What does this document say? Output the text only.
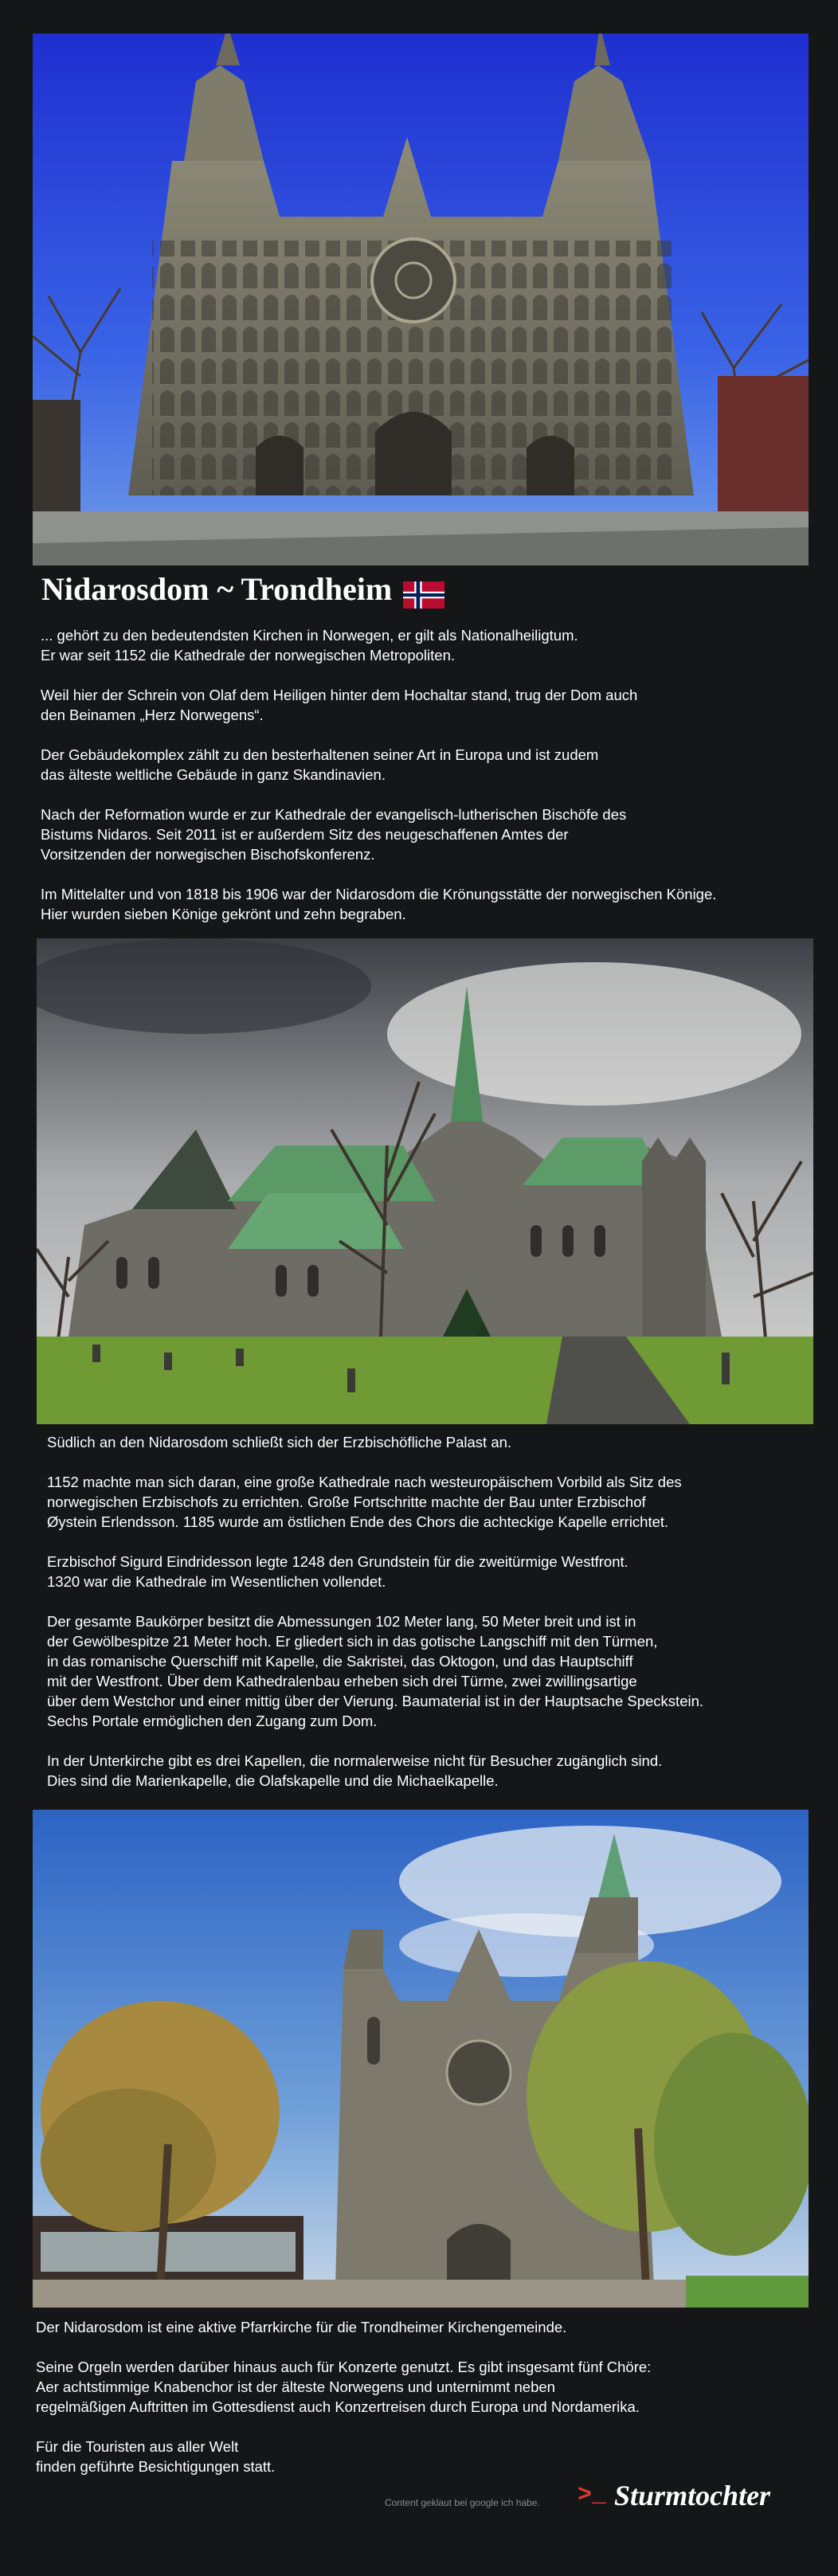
Nidarosdom ~ Trondheim

... gehört zu den bedeutendsten Kirchen in Norwegen, er gilt als Nationalheiligtum.
Er war seit 1152 die Kathedrale der norwegischen Metropoliten.

Weil hier der Schrein von Olaf dem Heiligen hinter dem Hochaltar stand, trug der Dom auch
den Beinamen „Herz Norwegens“.

Der Gebäudekomplex zählt zu den besterhaltenen seiner Art in Europa und ist zudem
das älteste weltliche Gebäude in ganz Skandinavien.

Nach der Reformation wurde er zur Kathedrale der evangelisch-lutherischen Bischöfe des
Bistums Nidaros. Seit 2011 ist er außerdem Sitz des neugeschaffenen Amtes der
Vorsitzenden der norwegischen Bischofskonferenz.

Im Mittelalter und von 1818 bis 1906 war der Nidarosdom die Krönungsstätte der norwegischen Könige.
Hier wurden sieben Könige gekrönt und zehn begraben.

Südlich an den Nidarosdom schließt sich der Erzbischöfliche Palast an.

1152 machte man sich daran, eine große Kathedrale nach westeuropäischem Vorbild als Sitz des
norwegischen Erzbischofs zu errichten. Große Fortschritte machte der Bau unter Erzbischof
Øystein Erlendsson. 1185 wurde am östlichen Ende des Chors die achteckige Kapelle errichtet.

Erzbischof Sigurd Eindridesson legte 1248 den Grundstein für die zweitürmige Westfront.
1320 war die Kathedrale im Wesentlichen vollendet.

Der gesamte Baukörper besitzt die Abmessungen 102 Meter lang, 50 Meter breit und ist in
der Gewölbespitze 21 Meter hoch. Er gliedert sich in das gotische Langschiff mit den Türmen,
in das romanische Querschiff mit Kapelle, die Sakristei, das Oktogon, und das Hauptschiff
mit der Westfront. Über dem Kathedralenbau erheben sich drei Türme, zwei zwillingsartige
über dem Westchor und einer mittig über der Vierung. Baumaterial ist in der Hauptsache Speckstein.
Sechs Portale ermöglichen den Zugang zum Dom.

In der Unterkirche gibt es drei Kapellen, die normalerweise nicht für Besucher zugänglich sind.
Dies sind die Marienkapelle, die Olafskapelle und die Michaelkapelle.

Der Nidarosdom ist eine aktive Pfarrkirche für die Trondheimer Kirchengemeinde.

Seine Orgeln werden darüber hinaus auch für Konzerte genutzt. Es gibt insgesamt fünf Chöre:
Aer achtstimmige Knabenchor ist der älteste Norwegens und unternimmt neben
regelmäßigen Auftritten im Gottesdienst auch Konzertreisen durch Europa und Nordamerika.

Für die Touristen aus aller Welt
finden geführte Besichtigungen statt.

Content geklaut bei google ich habe. >_ Sturmtochter
